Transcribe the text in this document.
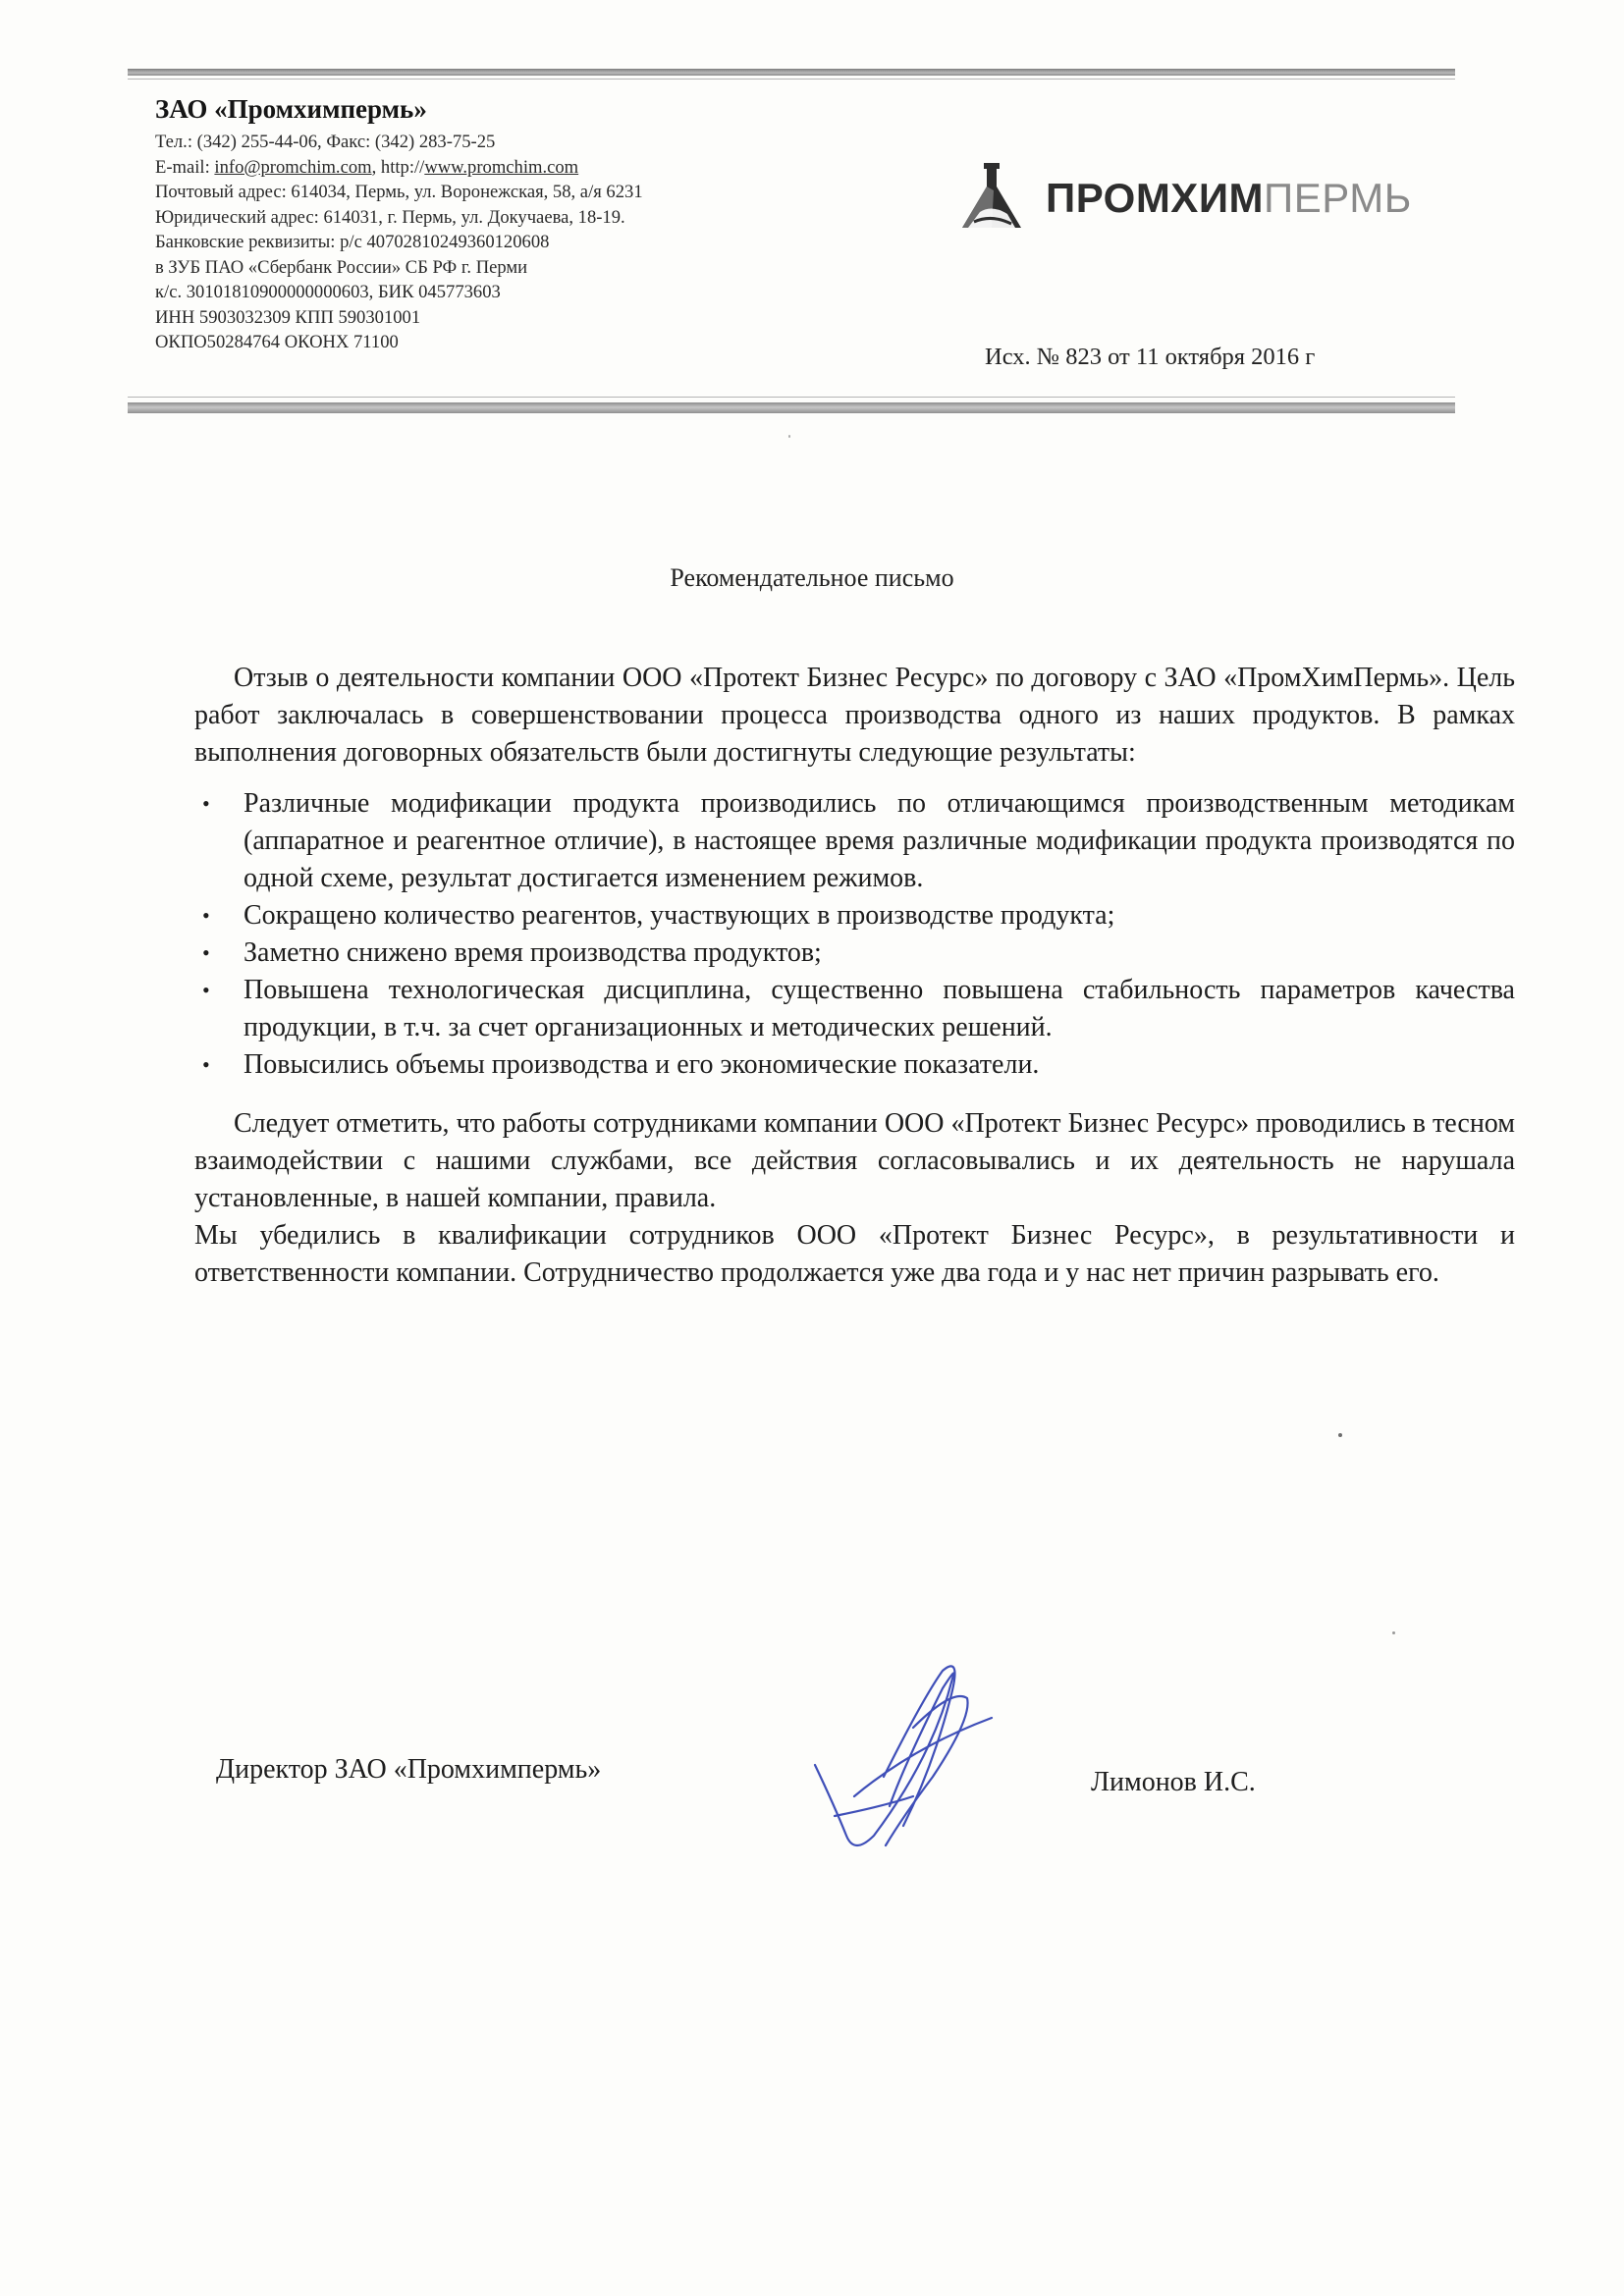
ЗАО «Промхимпермь»
Тел.: (342) 255-44-06, Факс: (342) 283-75-25
E-mail: info@promchim.com, http://www.promchim.com
Почтовый адрес: 614034, Пермь, ул. Воронежская, 58, а/я 6231
Юридический адрес: 614031, г. Пермь, ул. Докучаева, 18-19.
Банковские реквизиты: р/с 40702810249360120608
в ЗУБ ПАО «Сбербанк России» СБ РФ г. Перми
к/с. 30101810900000000603, БИК 045773603
ИНН 5903032309 КПП 590301001
ОКПО50284764 ОКОНХ 71100
ПРОМХИМПЕРМЬ
Исх. № 823 от 11 октября 2016 г
Рекомендательное письмо

Отзыв о деятельности компании ООО «Протект Бизнес Ресурс» по договору с ЗАО «ПромХимПермь». Цель работ заключалась в совершенствовании процесса производства одного из наших продуктов. В рамках выполнения договорных обязательств были достигнуты следующие результаты:

• Различные модификации продукта производились по отличающимся производственным методикам (аппаратное и реагентное отличие), в настоящее время различные модификации продукта производятся по одной схеме, результат достигается изменением режимов.
• Сокращено количество реагентов, участвующих в производстве продукта;
• Заметно снижено время производства продуктов;
• Повышена технологическая дисциплина, существенно повышена стабильность параметров качества продукции, в т.ч. за счет организационных и методических решений.
• Повысились объемы производства и его экономические показатели.

Следует отметить, что работы сотрудниками компании ООО «Протект Бизнес Ресурс» проводились в тесном взаимодействии с нашими службами, все действия согласовывались и их деятельность не нарушала установленные, в нашей компании, правила.

Мы убедились в квалификации сотрудников ООО «Протект Бизнес Ресурс», в результативности и ответственности компании. Сотрудничество продолжается уже два года и у нас нет причин разрывать его.

Директор ЗАО «Промхимпермь»	Лимонов И.С.
